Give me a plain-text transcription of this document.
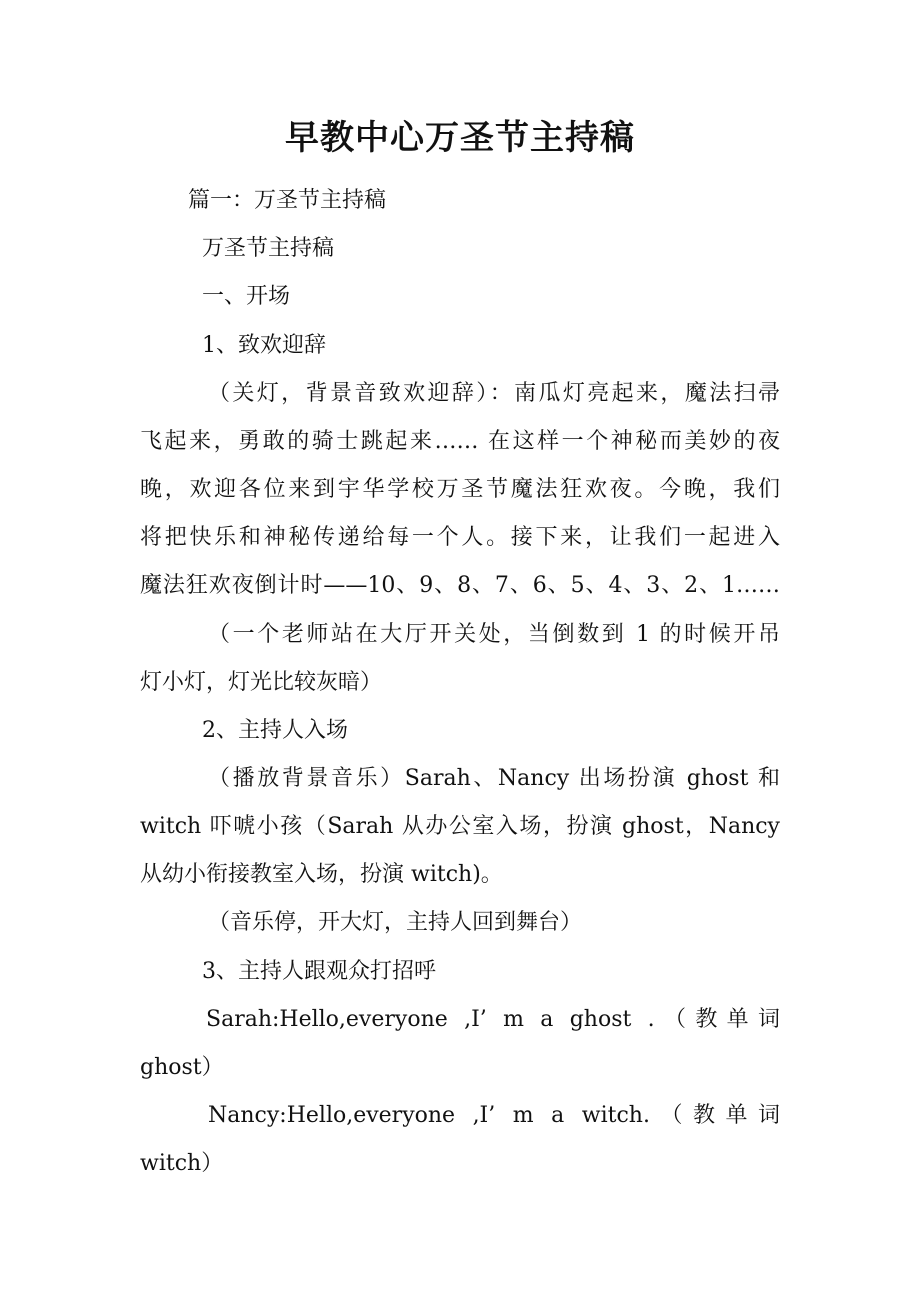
早教中心万圣节主持稿
篇一：万圣节主持稿
万圣节主持稿
一、开场
1、致欢迎辞
（关灯，背景音致欢迎辞）：南瓜灯亮起来，魔法扫帚
飞起来，勇敢的骑士跳起来…… 在这样一个神秘而美妙的夜
晚，欢迎各位来到宇华学校万圣节魔法狂欢夜。今晚，我们
将把快乐和神秘传递给每一个人。接下来，让我们一起进入
魔法狂欢夜倒计时——10、9、8、7、6、5、4、3、2、1……
（一个老师站在大厅开关处，当倒数到 1 的时候开吊
灯小灯，灯光比较灰暗）
2、主持人入场
（播放背景音乐）Sarah、Nancy 出场扮演 ghost 和
witch 吓唬小孩（Sarah 从办公室入场，扮演 ghost，Nancy
从幼小衔接教室入场，扮演 witch)。
（音乐停，开大灯，主持人回到舞台）
3、主持人跟观众打招呼
Sarah:Hello,everyone ,I’ m a ghost .（教单词
ghost）
Nancy:Hello,everyone ,I’ m a witch.（教单词
witch）
